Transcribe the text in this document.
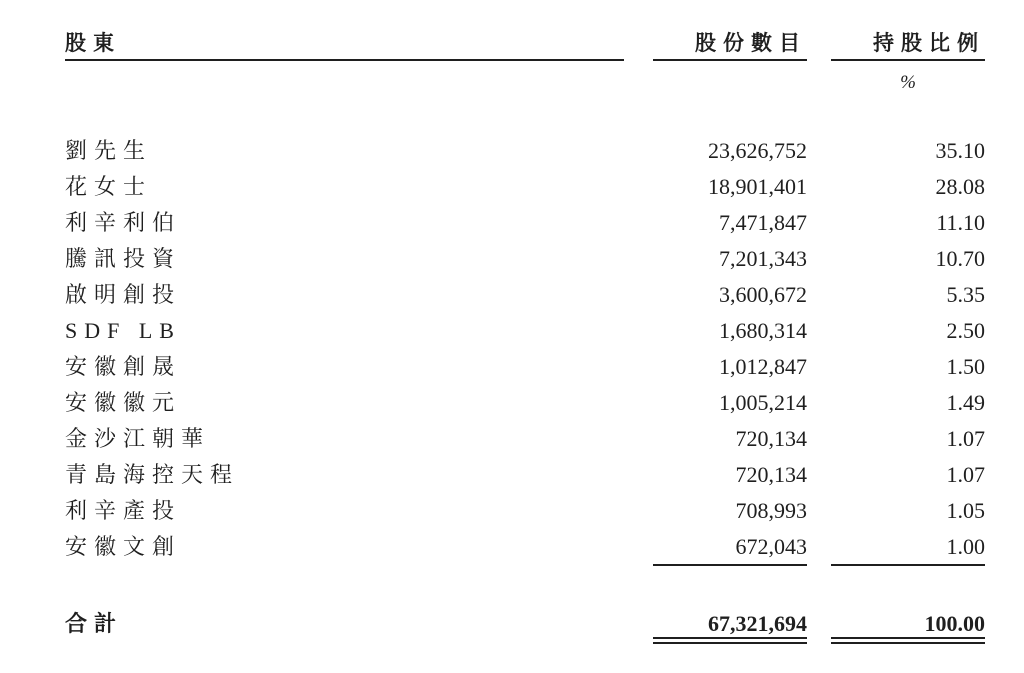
股東	股份數目	持股比例
%
劉先生	23,626,752	35.10
花女士	18,901,401	28.08
利辛利伯	7,471,847	11.10
騰訊投資	7,201,343	10.70
啟明創投	3,600,672	5.35
SDF LB	1,680,314	2.50
安徽創晟	1,012,847	1.50
安徽徽元	1,005,214	1.49
金沙江朝華	720,134	1.07
青島海控天程	720,134	1.07
利辛產投	708,993	1.05
安徽文創	672,043	1.00
合計	67,321,694	100.00
